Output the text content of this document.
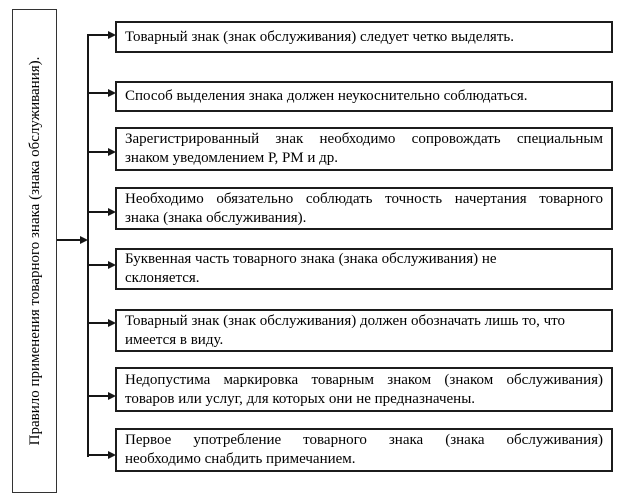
Правило применения товарного знака (знака обслуживания).
Товарный знак (знак обслуживания) следует четко выделять.
Способ выделения знака должен неукоснительно соблюдаться.
Зарегистрированный знак необходимо сопровождать специальным
знаком уведомлением Р, РМ и др.
Необходимо обязательно соблюдать точность начертания товарного
знака (знака обслуживания).
Буквенная часть товарного знака (знака обслуживания) не
склоняется.
Товарный знак (знак обслуживания) должен обозначать лишь то, что
имеется в виду.
Недопустима маркировка товарным знаком (знаком обслуживания)
товаров или услуг, для которых они не предназначены.
Первое употребление товарного знака (знака обслуживания)
необходимо снабдить примечанием.
